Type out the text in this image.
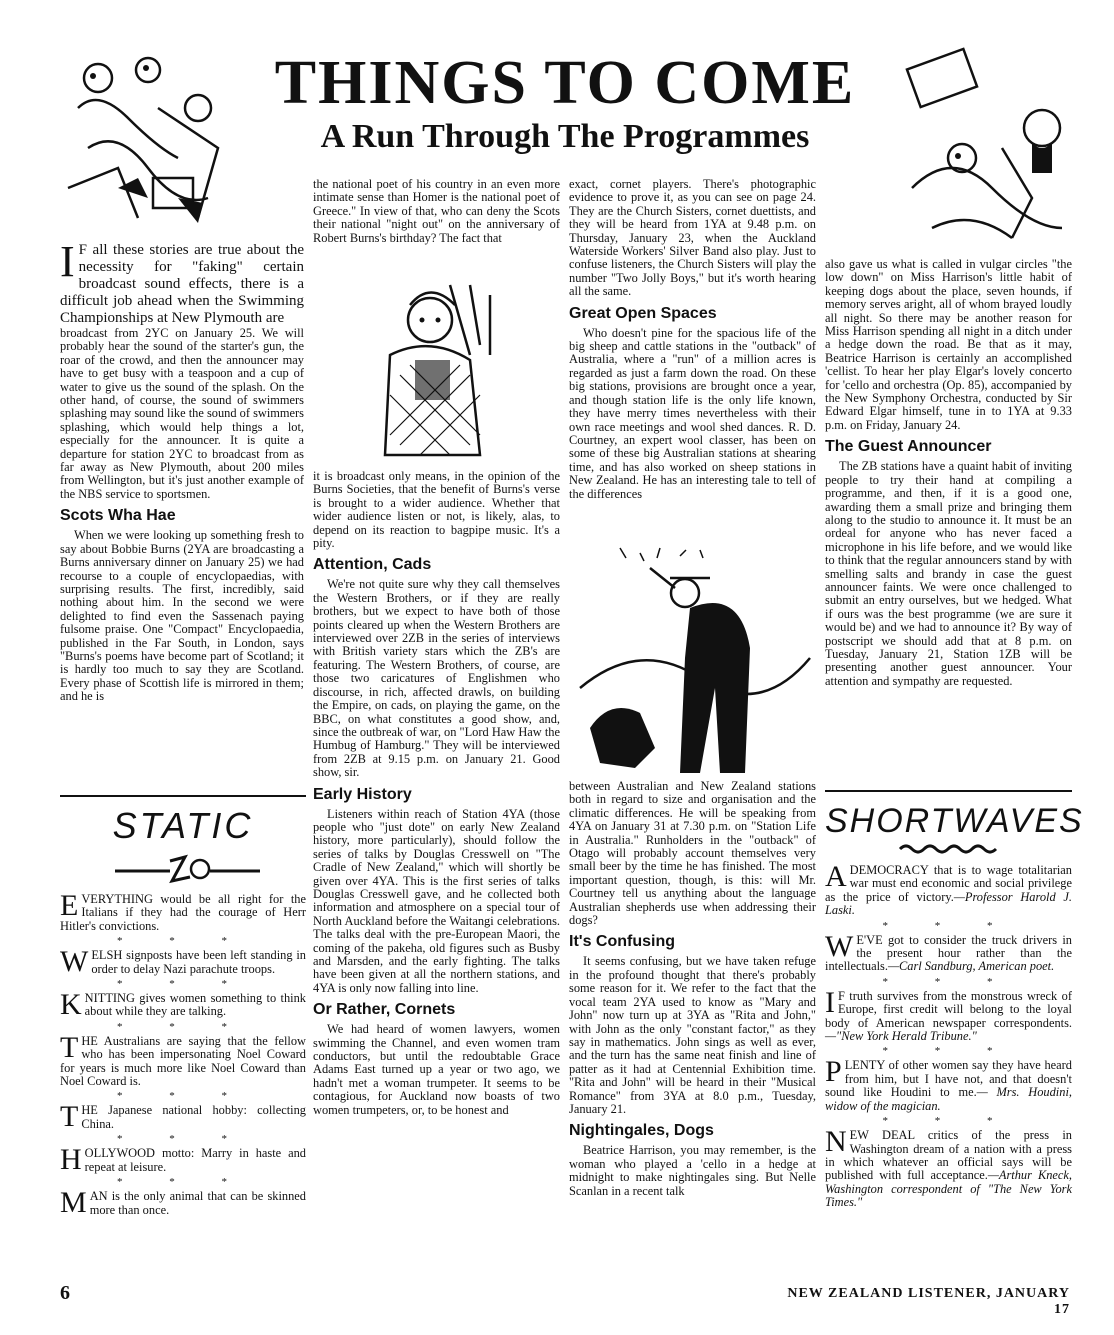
THINGS TO COME
A Run Through The Programmes
I F all these stories are true about the necessity for "faking" certain broadcast sound effects, there is a difficult job ahead when the Swimming Championships at New Plymouth are

broadcast from 2YC on January 25. We will probably hear the sound of the starter's gun, the roar of the crowd, and then the announcer may have to get busy with a teaspoon and a cup of water to give us the sound of the splash. On the other hand, of course, the sound of swimmers splashing may sound like the sound of swimmers splashing, which would help things a lot, especially for the announcer. It is quite a departure for station 2YC to broadcast from as far away as New Plymouth, about 200 miles from Wellington, but it's just another example of the NBS service to sportsmen.

Scots Wha Hae

When we were looking up something fresh to say about Bobbie Burns (2YA are broadcasting a Burns anniversary dinner on January 25) we had recourse to a couple of encyclopaedias, with surprising results. The first, incredibly, said nothing about him. In the second we were delighted to find even the Sassenach paying fulsome praise. One "Compact" Encyclopaedia, published in the Far South, in London, says "Burns's poems have become part of Scotland; it is hardly too much to say they are Scotland. Every phase of Scottish life is mirrored in them; and he is

STATIC
EVERYTHING would be all right for the Italians if they had the courage of Herr Hitler's convictions.
* * *
WELSH signposts have been left standing in order to delay Nazi parachute troops.
* * *
KNITTING gives women something to think about while they are talking.
* * *
THE Australians are saying that the fellow who has been impersonating Noel Coward for years is much more like Noel Coward than Noel Coward is.
* * *
THE Japanese national hobby: collecting China.
* * *
HOLLYWOOD motto: Marry in haste and repeat at leisure.
* * *
MAN is the only animal that can be skinned more than once.

the national poet of his country in an even more intimate sense than Homer is the national poet of Greece." In view of that, who can deny the Scots their national "night out" on the anniversary of Robert Burns's birthday? The fact that

it is broadcast only means, in the opinion of the Burns Societies, that the benefit of Burns's verse is brought to a wider audience. Whether that wider audience listen or not, is likely, alas, to depend on its reaction to bagpipe music. It's a pity.

Attention, Cads

We're not quite sure why they call themselves the Western Brothers, or if they are really brothers, but we expect to have both of those points cleared up when the Western Brothers are interviewed over 2ZB in the series of interviews with British variety stars which the ZB's are featuring. The Western Brothers, of course, are those two caricatures of Englishmen who discourse, in rich, affected drawls, on building the Empire, on cads, on playing the game, on the BBC, on what constitutes a good show, and, since the outbreak of war, on "Lord Haw Haw the Humbug of Hamburg." They will be interviewed from 2ZB at 9.15 p.m. on January 21. Good show, sir.

Early History

Listeners within reach of Station 4YA (those people who "just dote" on early New Zealand history, more particularly), should follow the series of talks by Douglas Cresswell on "The Cradle of New Zealand," which will shortly be given over 4YA. This is the first series of talks Douglas Cresswell gave, and he collected both information and atmosphere on a special tour of North Auckland before the Waitangi celebrations. The talks deal with the pre-European Maori, the coming of the pakeha, old figures such as Busby and Marsden, and the early fighting. The talks have been given at all the northern stations, and 4YA is only now falling into line.

Or Rather, Cornets

We had heard of women lawyers, women swimming the Channel, and even women tram conductors, but until the redoubtable Grace Adams East turned up a year or two ago, we hadn't met a woman trumpeter. It seems to be contagious, for Auckland now boasts of two women trumpeters, or, to be honest and

exact, cornet players. There's photographic evidence to prove it, as you can see on page 24. They are the Church Sisters, cornet duettists, and they will be heard from 1YA at 9.48 p.m. on Thursday, January 23, when the Auckland Waterside Workers' Silver Band also play. Just to confuse listeners, the Church Sisters will play the number "Two Jolly Boys," but it's worth hearing all the same.

Great Open Spaces

Who doesn't pine for the spacious life of the big sheep and cattle stations in the "outback" of Australia, where a "run" of a million acres is regarded as just a farm down the road. On these big stations, provisions are brought once a year, and though station life is the only life known, they have merry times nevertheless with their own race meetings and wool shed dances. R. D. Courtney, an expert wool classer, has been on some of these big Australian stations at shearing time, and has also worked on sheep stations in New Zealand. He has an interesting tale to tell of the differences

between Australian and New Zealand stations both in regard to size and organisation and the climatic differences. He will be speaking from 4YA on January 31 at 7.30 p.m. on "Station Life in Australia." Runholders in the "outback" of Otago will probably account themselves very small beer by the time he has finished. The most important question, though, is this: will Mr. Courtney tell us anything about the language Australian shepherds use when addressing their dogs?

It's Confusing

It seems confusing, but we have taken refuge in the profound thought that there's probably some reason for it. We refer to the fact that the vocal team 2YA used to know as "Mary and John" now turn up at 3YA as "Rita and John," with John as the only "constant factor," as they say in mathematics. John sings as well as ever, and the turn has the same neat finish and line of patter as it had at Centennial Exhibition time. "Rita and John" will be heard in their "Musical Romance" from 3YA at 8.0 p.m., Tuesday, January 21.

Nightingales, Dogs

Beatrice Harrison, you may remember, is the woman who played a 'cello in a hedge at midnight to make nightingales sing. But Nelle Scanlan in a recent talk

also gave us what is called in vulgar circles "the low down" on Miss Harrison's little habit of keeping dogs about the place, seven hounds, if memory serves aright, all of whom brayed loudly all night. So there may be another reason for Miss Harrison spending all night in a ditch under a hedge down the road. Be that as it may, Beatrice Harrison is certainly an accomplished 'cellist. To hear her play Elgar's lovely concerto for 'cello and orchestra (Op. 85), accompanied by the New Symphony Orchestra, conducted by Sir Edward Elgar himself, tune in to 1YA at 9.33 p.m. on Friday, January 24.

The Guest Announcer

The ZB stations have a quaint habit of inviting people to try their hand at compiling a programme, and then, if it is a good one, awarding them a small prize and bringing them along to the studio to announce it. It must be an ordeal for anyone who has never faced a microphone in his life before, and we would like to think that the regular announcers stand by with smelling salts and brandy in case the guest announcer faints. We were once challenged to submit an entry ourselves, but we hedged. What if ours was the best programme (we are sure it would be) and we had to announce it? By way of postscript we should add that at 8 p.m. on Tuesday, January 21, Station 1ZB will be presenting another guest announcer. Your attention and sympathy are requested.

SHORTWAVES
ADEMOCRACY that is to wage totalitarian war must end economic and social privilege as the price of victory.—Professor Harold J. Laski.
* * *
W E'VE got to consider the truck drivers in the present hour rather than the intellectuals.—Carl Sandburg, American poet.
* * *
I F truth survives from the monstrous wreck of Europe, first credit will belong to the loyal body of American newspaper correspondents.—"New York Herald Tribune."
* * *
PLENTY of other women say they have heard from him, but I have not, and that doesn't sound like Houdini to me.— Mrs. Houdini, widow of the magician.
* * *
NEW DEAL critics of the press in Washington dream of a nation with a press in which whatever an official says will be published with full acceptance.—Arthur Kneck, Washington correspondent of "The New York Times."
6	NEW ZEALAND LISTENER, JANUARY 17
